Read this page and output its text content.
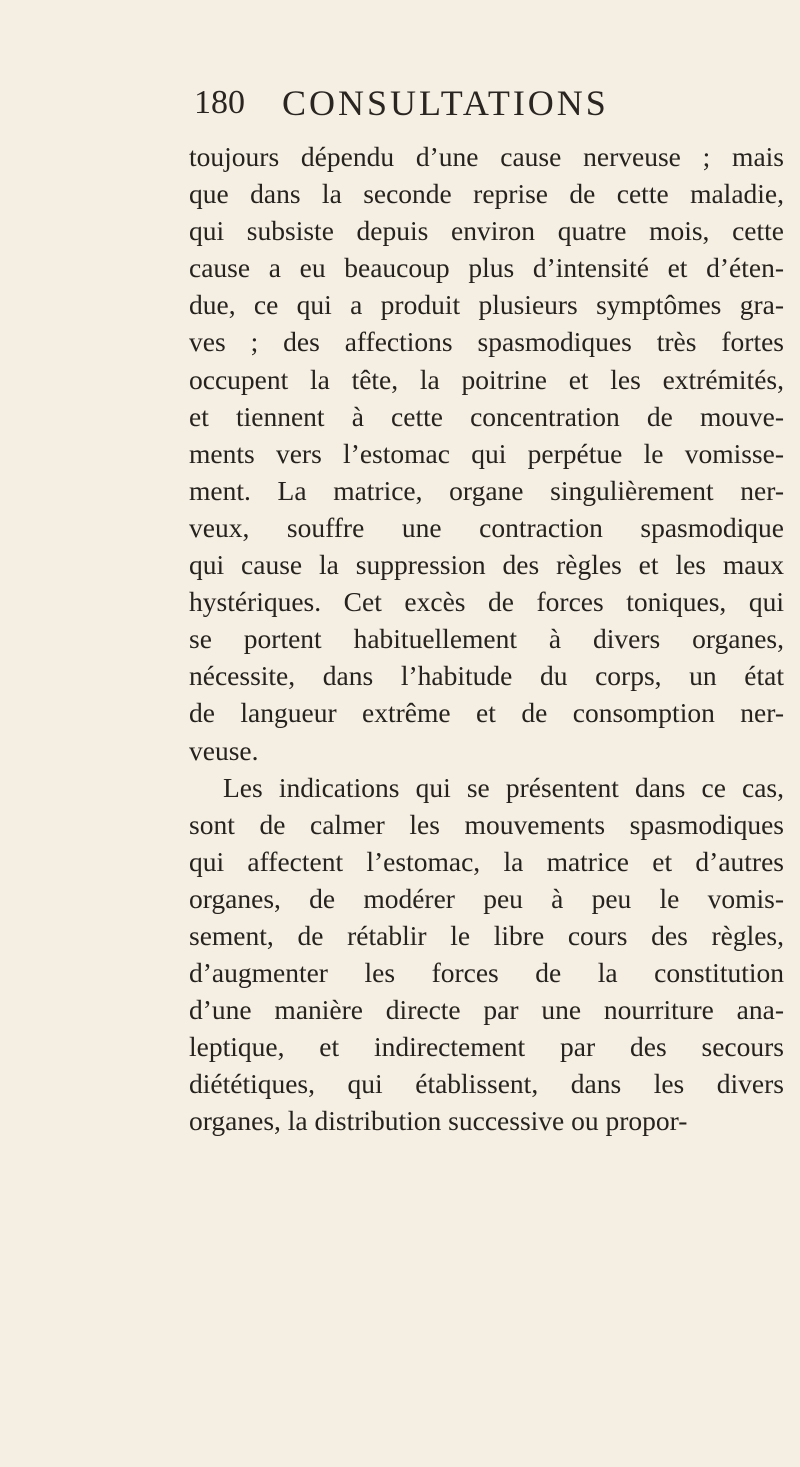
180 CONSULTATIONS
toujours dépendu d’une cause nerveuse ; mais
que dans la seconde reprise de cette maladie,
qui subsiste depuis environ quatre mois, cette
cause a eu beaucoup plus d’intensité et d’éten-
due, ce qui a produit plusieurs symptômes gra-
ves ; des affections spasmodiques très fortes
occupent la tête, la poitrine et les extrémités,
et tiennent à cette concentration de mouve-
ments vers l’estomac qui perpétue le vomisse-
ment. La matrice, organe singulièrement ner-
veux, souffre une contraction spasmodique
qui cause la suppression des règles et les maux
hystériques. Cet excès de forces toniques, qui
se portent habituellement à divers organes,
nécessite, dans l’habitude du corps, un état
de langueur extrême et de consomption ner-
veuse.
Les indications qui se présentent dans ce cas,
sont de calmer les mouvements spasmodiques
qui affectent l’estomac, la matrice et d’autres
organes, de modérer peu à peu le vomis-
sement, de rétablir le libre cours des règles,
d’augmenter les forces de la constitution
d’une manière directe par une nourriture ana-
leptique, et indirectement par des secours
diététiques, qui établissent, dans les divers
organes, la distribution successive ou propor-
